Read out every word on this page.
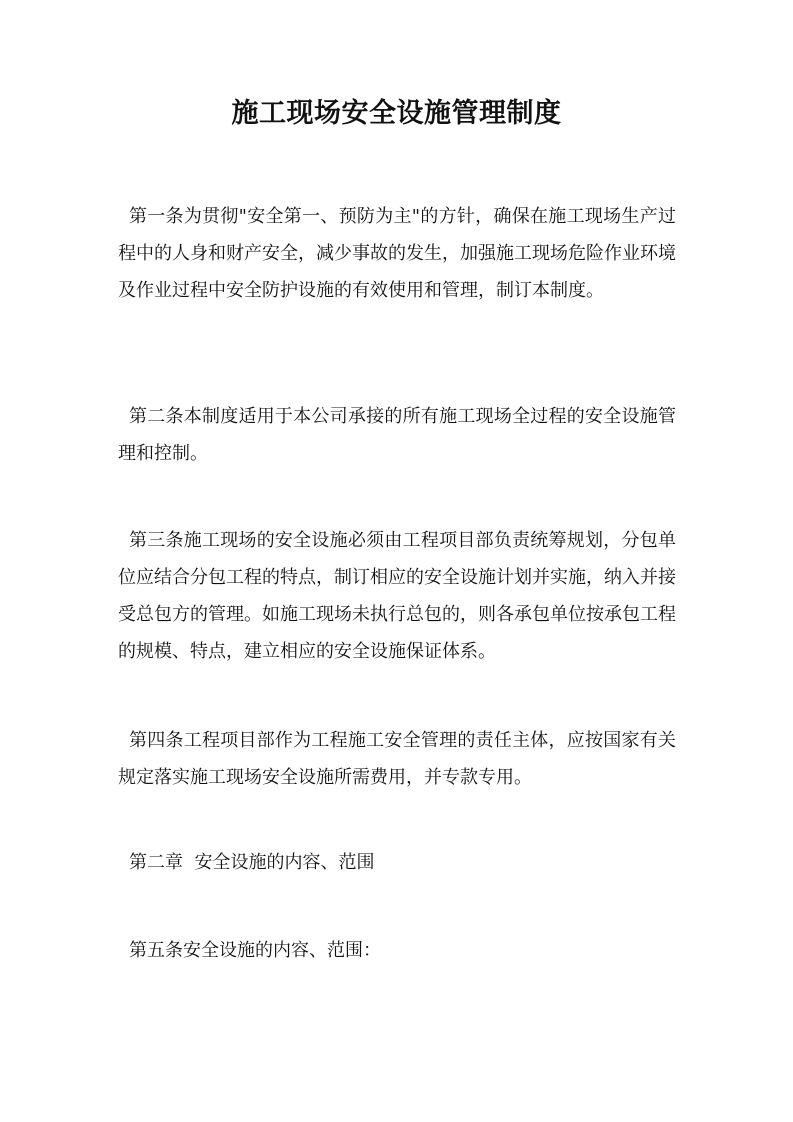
施工现场安全设施管理制度

第一条为贯彻"安全第一、预防为主"的方针，确保在施工现场生产过程中的人身和财产安全，减少事故的发生，加强施工现场危险作业环境及作业过程中安全防护设施的有效使用和管理，制订本制度。

第二条本制度适用于本公司承接的所有施工现场全过程的安全设施管理和控制。

第三条施工现场的安全设施必须由工程项目部负责统筹规划，分包单位应结合分包工程的特点，制订相应的安全设施计划并实施，纳入并接受总包方的管理。如施工现场未执行总包的，则各承包单位按承包工程的规模、特点，建立相应的安全设施保证体系。

第四条工程项目部作为工程施工安全管理的责任主体，应按国家有关规定落实施工现场安全设施所需费用，并专款专用。

第二章  安全设施的内容、范围

第五条安全设施的内容、范围：
